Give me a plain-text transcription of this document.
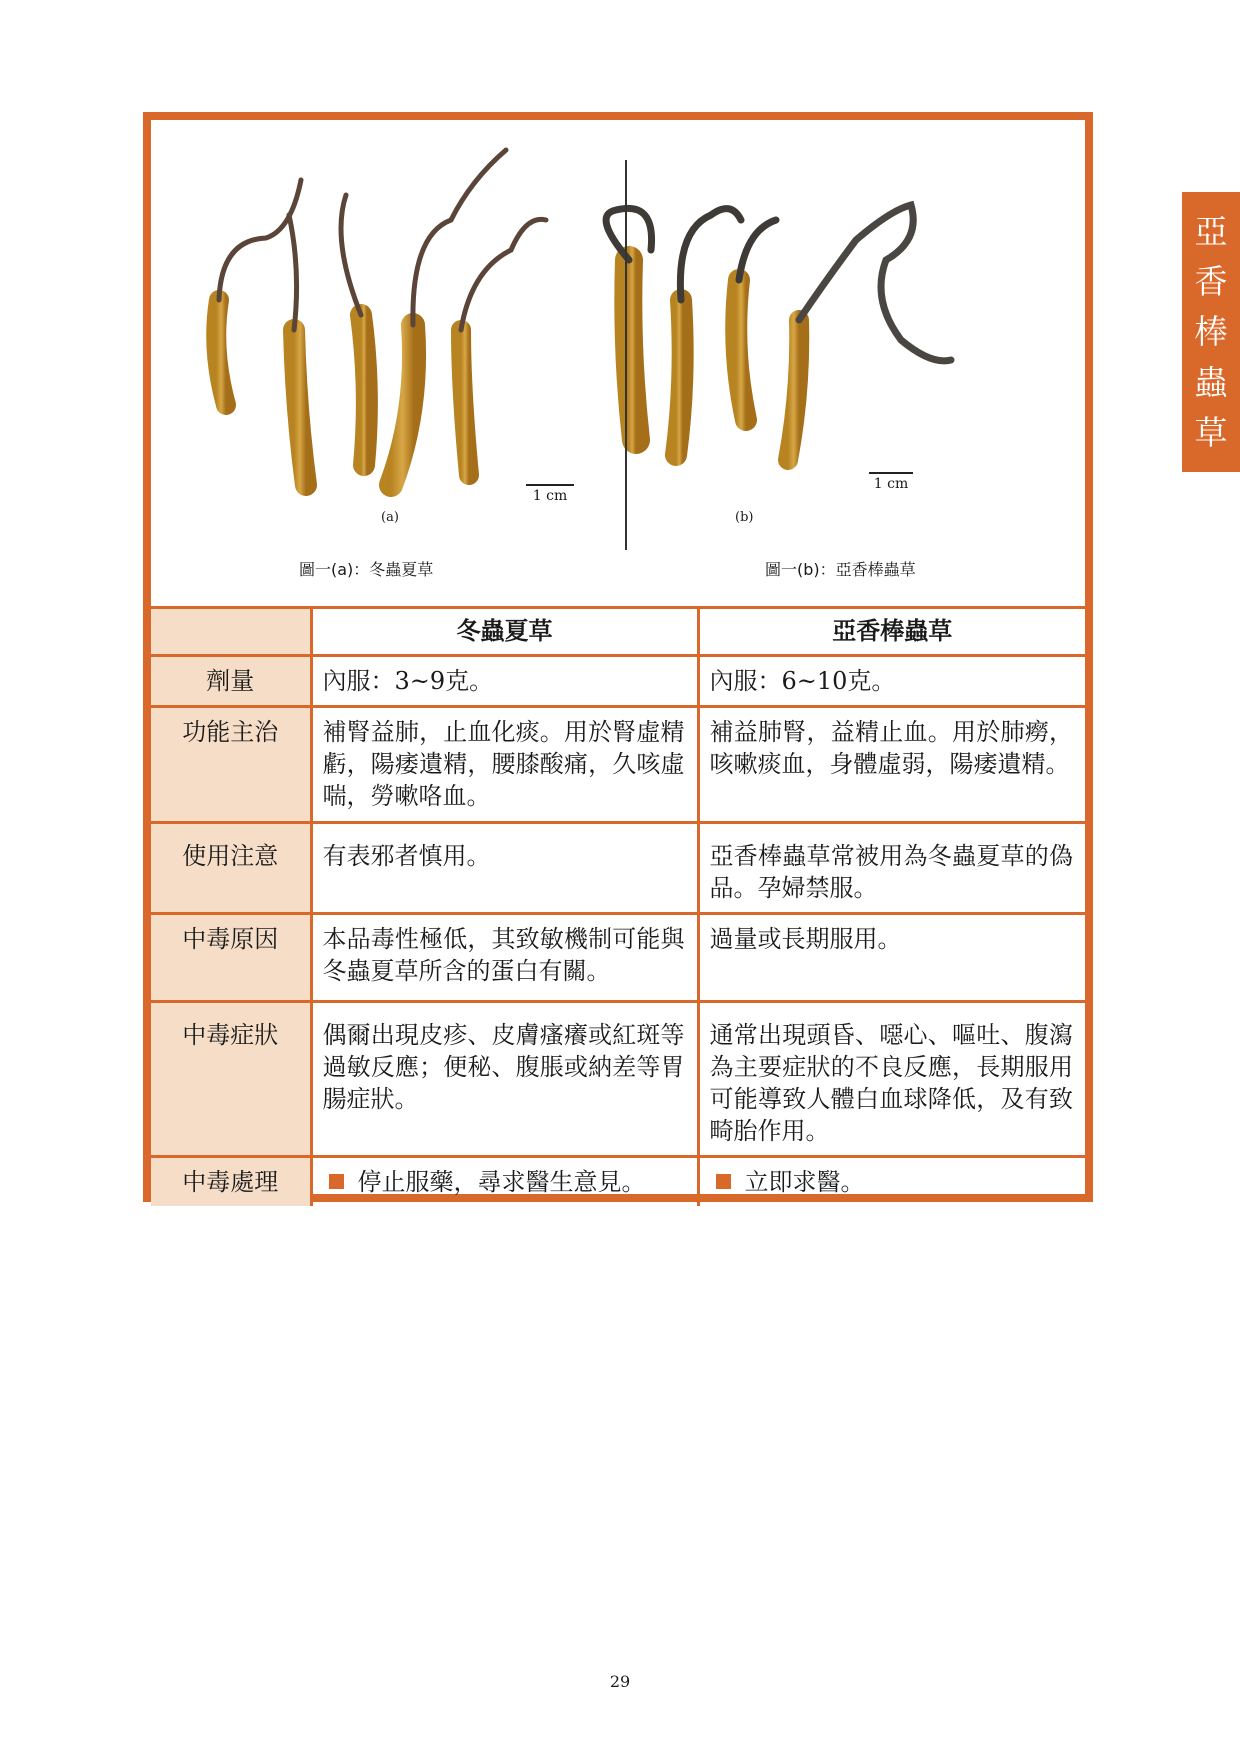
亞
香
棒
蟲
草
1 cm
(a)
圖一(a)：冬蟲夏草
1 cm
(b)
圖一(b)：亞香棒蟲草
	冬蟲夏草	亞香棒蟲草
劑量	內服：3~9克。	內服：6~10克。
功能主治	補腎益肺，止血化痰。用於腎虛精虧，陽痿遺精，腰膝酸痛，久咳虛喘，勞嗽咯血。	補益肺腎，益精止血。用於肺癆，咳嗽痰血，身體虛弱，陽痿遺精。
使用注意	有表邪者慎用。	亞香棒蟲草常被用為冬蟲夏草的偽品。孕婦禁服。
中毒原因	本品毒性極低，其致敏機制可能與冬蟲夏草所含的蛋白有關。	過量或長期服用。
中毒症狀	偶爾出現皮疹、皮膚瘙癢或紅斑等過敏反應；便秘、腹脹或納差等胃腸症狀。	通常出現頭昏、噁心、嘔吐、腹瀉為主要症狀的不良反應，長期服用可能導致人體白血球降低，及有致畸胎作用。
中毒處理	停止服藥，尋求醫生意見。	立即求醫。
29
